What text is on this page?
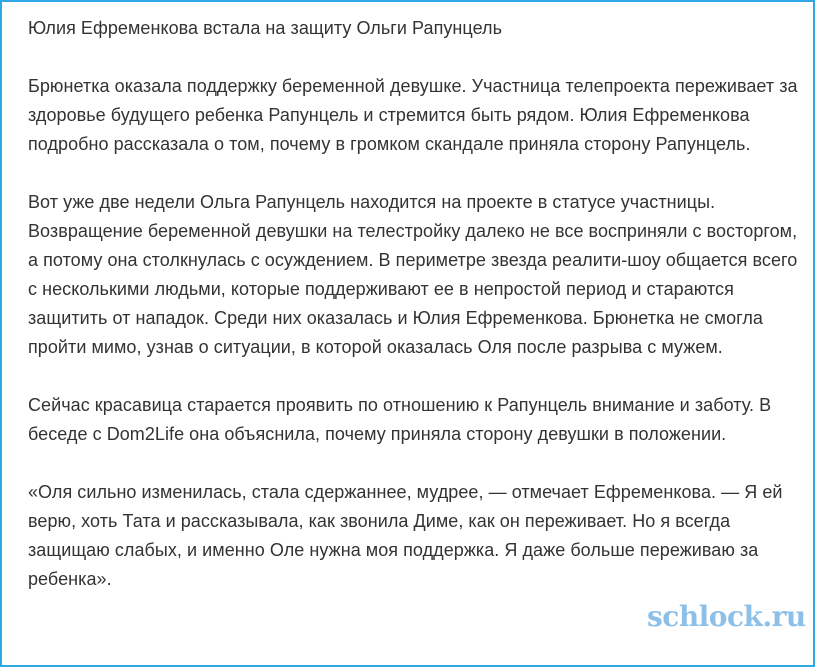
Юлия Ефременкова встала на защиту Ольги Рапунцель

Брюнетка оказала поддержку беременной девушке. Участница телепроекта переживает за здоровье будущего ребенка Рапунцель и стремится быть рядом. Юлия Ефременкова подробно рассказала о том, почему в громком скандале приняла сторону Рапунцель.

Вот уже две недели Ольга Рапунцель находится на проекте в статусе участницы. Возвращение беременной девушки на телестройку далеко не все восприняли с восторгом, а потому она столкнулась с осуждением. В периметре звезда реалити-шоу общается всего с несколькими людьми, которые поддерживают ее в непростой период и стараются защитить от нападок. Среди них оказалась и Юлия Ефременкова. Брюнетка не смогла пройти мимо, узнав о ситуации, в которой оказалась Оля после разрыва с мужем.

Сейчас красавица старается проявить по отношению к Рапунцель внимание и заботу. В беседе с Dom2Life она объяснила, почему приняла сторону девушки в положении.

«Оля сильно изменилась, стала сдержаннее, мудрее, — отмечает Ефременкова. — Я ей верю, хоть Тата и рассказывала, как звонила Диме, как он переживает. Но я всегда защищаю слабых, и именно Оле нужна моя поддержка. Я даже больше переживаю за ребенка».

schlock.ru
